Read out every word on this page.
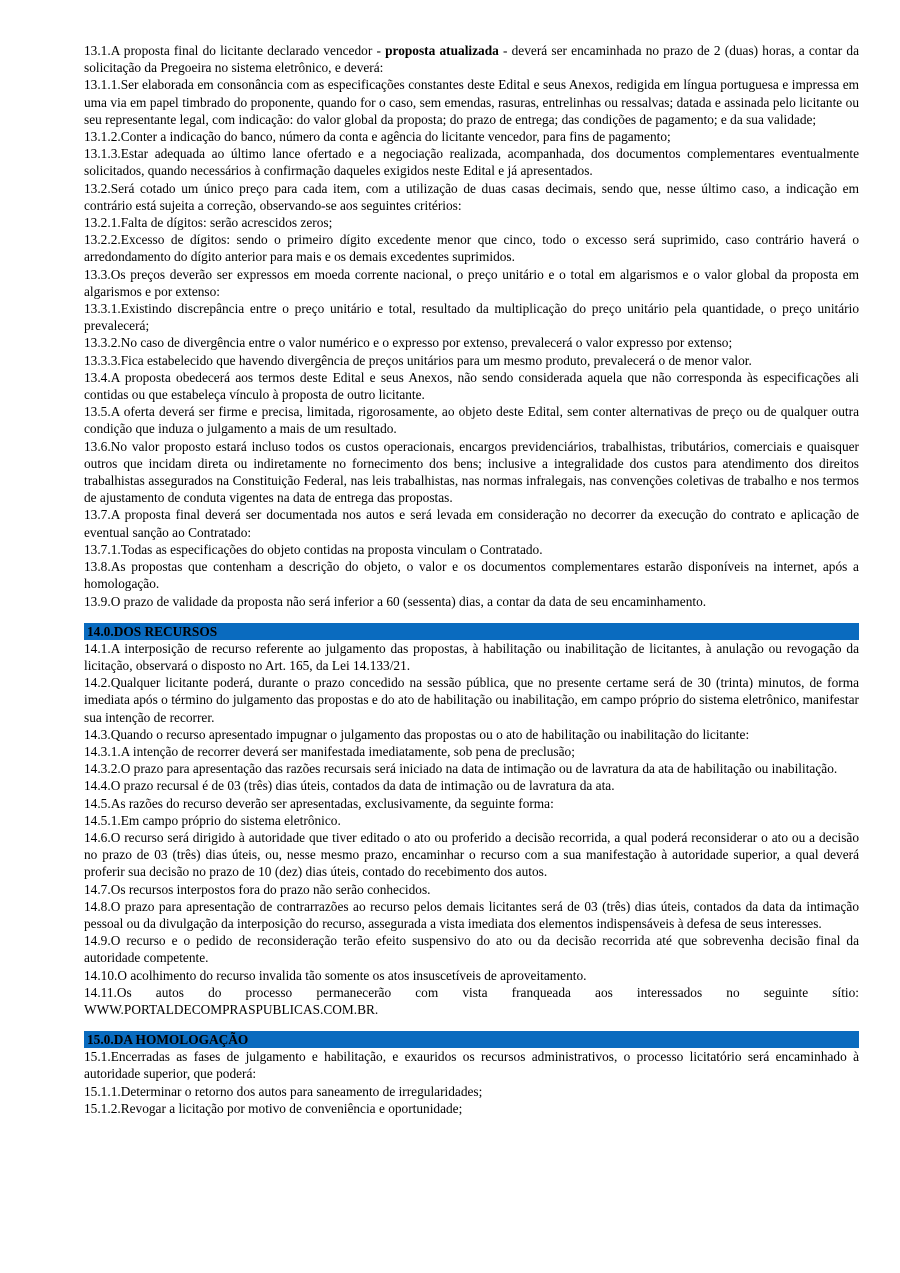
13.1.A proposta final do licitante declarado vencedor - proposta atualizada - deverá ser encaminhada no prazo de 2 (duas) horas, a contar da solicitação da Pregoeira no sistema eletrônico, e deverá:

13.1.1.Ser elaborada em consonância com as especificações constantes deste Edital e seus Anexos, redigida em língua portuguesa e impressa em uma via em papel timbrado do proponente, quando for o caso, sem emendas, rasuras, entrelinhas ou ressalvas; datada e assinada pelo licitante ou seu representante legal, com indicação: do valor global da proposta; do prazo de entrega; das condições de pagamento; e da sua validade;

13.1.2.Conter a indicação do banco, número da conta e agência do licitante vencedor, para fins de pagamento;

13.1.3.Estar adequada ao último lance ofertado e a negociação realizada, acompanhada, dos documentos complementares eventualmente solicitados, quando necessários à confirmação daqueles exigidos neste Edital e já apresentados.

13.2.Será cotado um único preço para cada item, com a utilização de duas casas decimais, sendo que, nesse último caso, a indicação em contrário está sujeita a correção, observando-se aos seguintes critérios:

13.2.1.Falta de dígitos: serão acrescidos zeros;

13.2.2.Excesso de dígitos: sendo o primeiro dígito excedente menor que cinco, todo o excesso será suprimido, caso contrário haverá o arredondamento do dígito anterior para mais e os demais excedentes suprimidos.

13.3.Os preços deverão ser expressos em moeda corrente nacional, o preço unitário e o total em algarismos e o valor global da proposta em algarismos e por extenso:

13.3.1.Existindo discrepância entre o preço unitário e total, resultado da multiplicação do preço unitário pela quantidade, o preço unitário prevalecerá;

13.3.2.No caso de divergência entre o valor numérico e o expresso por extenso, prevalecerá o valor expresso por extenso;

13.3.3.Fica estabelecido que havendo divergência de preços unitários para um mesmo produto, prevalecerá o de menor valor.

13.4.A proposta obedecerá aos termos deste Edital e seus Anexos, não sendo considerada aquela que não corresponda às especificações ali contidas ou que estabeleça vínculo à proposta de outro licitante.

13.5.A oferta deverá ser firme e precisa, limitada, rigorosamente, ao objeto deste Edital, sem conter alternativas de preço ou de qualquer outra condição que induza o julgamento a mais de um resultado.

13.6.No valor proposto estará incluso todos os custos operacionais, encargos previdenciários, trabalhistas, tributários, comerciais e quaisquer outros que incidam direta ou indiretamente no fornecimento dos bens; inclusive a integralidade dos custos para atendimento dos direitos trabalhistas assegurados na Constituição Federal, nas leis trabalhistas, nas normas infralegais, nas convenções coletivas de trabalho e nos termos de ajustamento de conduta vigentes na data de entrega das propostas.

13.7.A proposta final deverá ser documentada nos autos e será levada em consideração no decorrer da execução do contrato e aplicação de eventual sanção ao Contratado:

13.7.1.Todas as especificações do objeto contidas na proposta vinculam o Contratado.

13.8.As propostas que contenham a descrição do objeto, o valor e os documentos complementares estarão disponíveis na internet, após a homologação.

13.9.O prazo de validade da proposta não será inferior a 60 (sessenta) dias, a contar da data de seu encaminhamento.

14.0.DOS RECURSOS

14.1.A interposição de recurso referente ao julgamento das propostas, à habilitação ou inabilitação de licitantes, à anulação ou revogação da licitação, observará o disposto no Art. 165, da Lei 14.133/21.

14.2.Qualquer licitante poderá, durante o prazo concedido na sessão pública, que no presente certame será de 30 (trinta) minutos, de forma imediata após o término do julgamento das propostas e do ato de habilitação ou inabilitação, em campo próprio do sistema eletrônico, manifestar sua intenção de recorrer.

14.3.Quando o recurso apresentado impugnar o julgamento das propostas ou o ato de habilitação ou inabilitação do licitante:

14.3.1.A intenção de recorrer deverá ser manifestada imediatamente, sob pena de preclusão;

14.3.2.O prazo para apresentação das razões recursais será iniciado na data de intimação ou de lavratura da ata de habilitação ou inabilitação.

14.4.O prazo recursal é de 03 (três) dias úteis, contados da data de intimação ou de lavratura da ata.

14.5.As razões do recurso deverão ser apresentadas, exclusivamente, da seguinte forma:

14.5.1.Em campo próprio do sistema eletrônico.

14.6.O recurso será dirigido à autoridade que tiver editado o ato ou proferido a decisão recorrida, a qual poderá reconsiderar o ato ou a decisão no prazo de 03 (três) dias úteis, ou, nesse mesmo prazo, encaminhar o recurso com a sua manifestação à autoridade superior, a qual deverá proferir sua decisão no prazo de 10 (dez) dias úteis, contado do recebimento dos autos.

14.7.Os recursos interpostos fora do prazo não serão conhecidos.

14.8.O prazo para apresentação de contrarrazões ao recurso pelos demais licitantes será de 03 (três) dias úteis, contados da data da intimação pessoal ou da divulgação da interposição do recurso, assegurada a vista imediata dos elementos indispensáveis à defesa de seus interesses.

14.9.O recurso e o pedido de reconsideração terão efeito suspensivo do ato ou da decisão recorrida até que sobrevenha decisão final da autoridade competente.

14.10.O acolhimento do recurso invalida tão somente os atos insuscetíveis de aproveitamento.

14.11.Os autos do processo permanecerão com vista franqueada aos interessados no seguinte sítio: WWW.PORTALDECOMPRASPUBLICAS.COM.BR.

15.0.DA HOMOLOGAÇÃO

15.1.Encerradas as fases de julgamento e habilitação, e exauridos os recursos administrativos, o processo licitatório será encaminhado à autoridade superior, que poderá:

15.1.1.Determinar o retorno dos autos para saneamento de irregularidades;

15.1.2.Revogar a licitação por motivo de conveniência e oportunidade;
